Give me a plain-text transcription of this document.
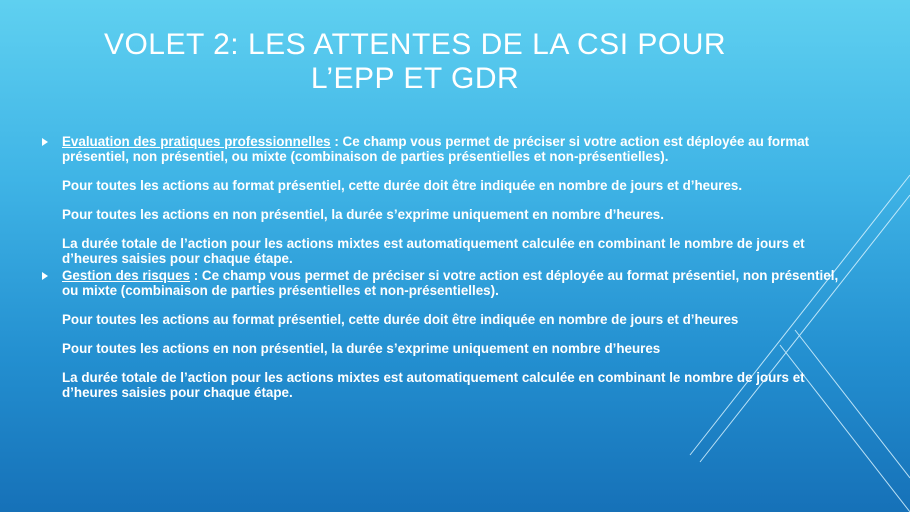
VOLET 2: LES ATTENTES DE LA CSI POUR
L’EPP ET GDR

Evaluation des pratiques professionnelles : Ce champ vous permet de préciser si votre action est déployée au format présentiel, non présentiel, ou mixte (combinaison de parties présentielles et non-présentielles).

Pour toutes les actions au format présentiel, cette durée doit être indiquée en nombre de jours et d’heures.

Pour toutes les actions en non présentiel, la durée s’exprime uniquement en nombre d’heures.

La durée totale de l’action pour les actions mixtes est automatiquement calculée en combinant le nombre de jours et d’heures saisies pour chaque étape.

Gestion des risques : Ce champ vous permet de préciser si votre action est déployée au format présentiel, non présentiel, ou mixte (combinaison de parties présentielles et non-présentielles).

Pour toutes les actions au format présentiel, cette durée doit être indiquée en nombre de jours et d’heures

Pour toutes les actions en non présentiel, la durée s’exprime uniquement en nombre d’heures

La durée totale de l’action pour les actions mixtes est automatiquement calculée en combinant le nombre de jours et d’heures saisies pour chaque étape.
